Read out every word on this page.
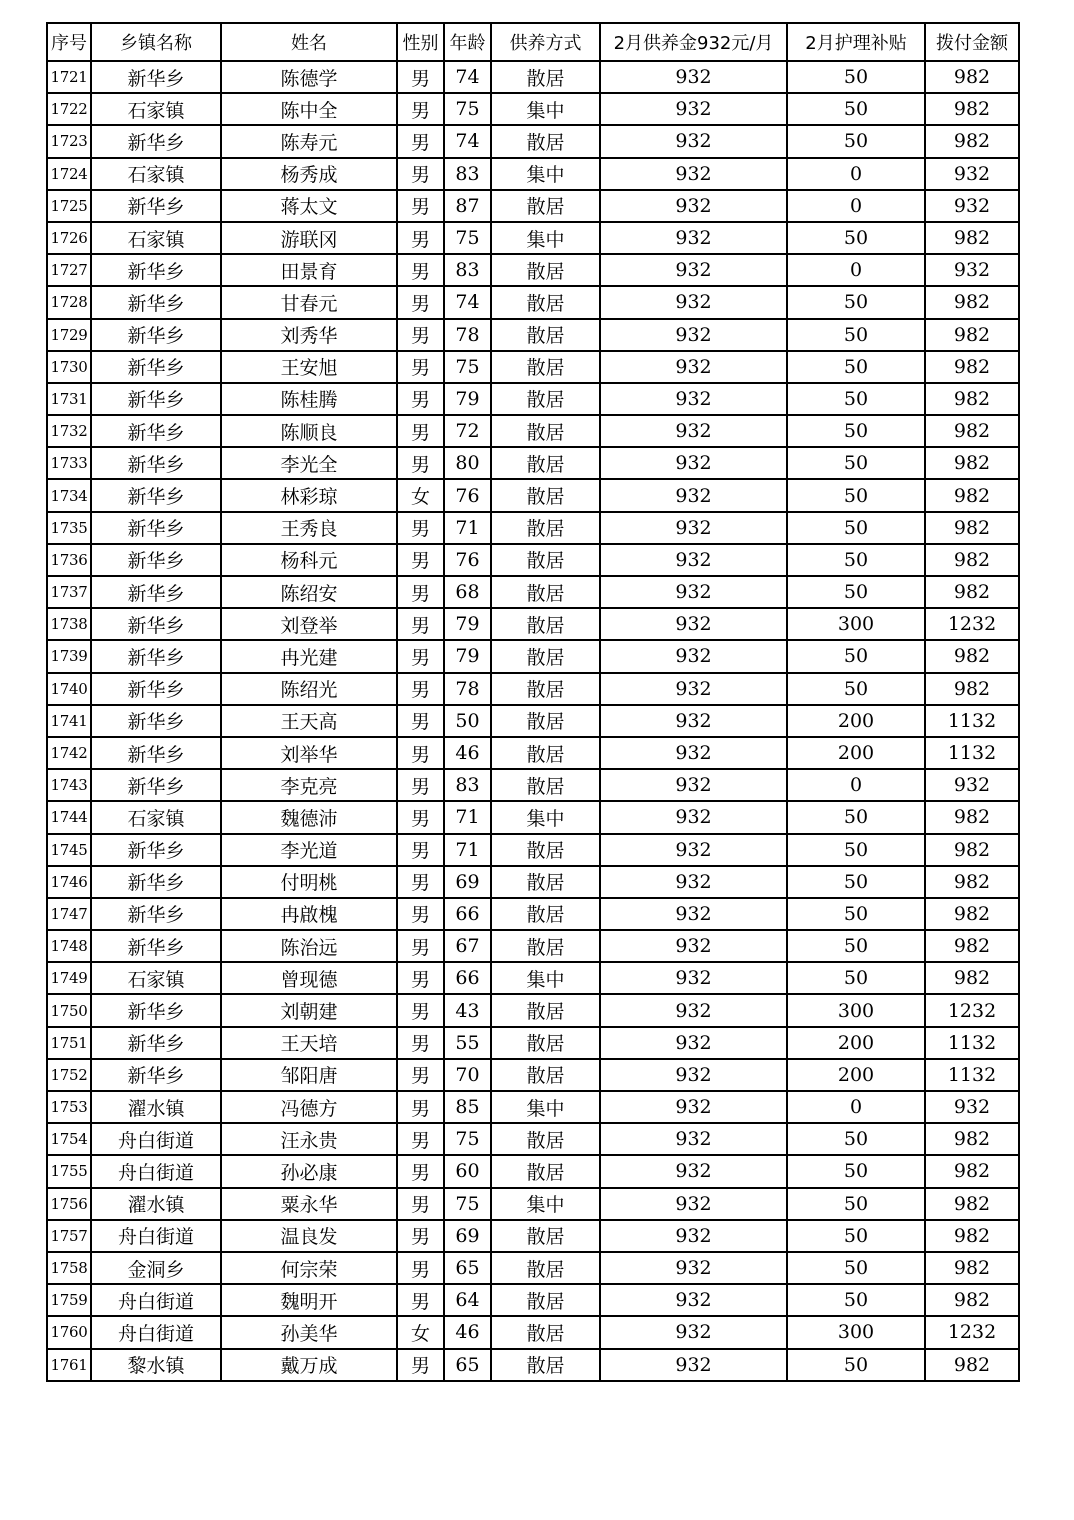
序号	乡镇名称	姓名	性别	年龄	供养方式	2月供养金932元/月	2月护理补贴	拨付金额
1721	新华乡	陈德学	男	74	散居	932	50	982
1722	石家镇	陈中全	男	75	集中	932	50	982
1723	新华乡	陈寿元	男	74	散居	932	50	982
1724	石家镇	杨秀成	男	83	集中	932	0	932
1725	新华乡	蒋太文	男	87	散居	932	0	932
1726	石家镇	游联冈	男	75	集中	932	50	982
1727	新华乡	田景育	男	83	散居	932	0	932
1728	新华乡	甘春元	男	74	散居	932	50	982
1729	新华乡	刘秀华	男	78	散居	932	50	982
1730	新华乡	王安旭	男	75	散居	932	50	982
1731	新华乡	陈桂腾	男	79	散居	932	50	982
1732	新华乡	陈顺良	男	72	散居	932	50	982
1733	新华乡	李光全	男	80	散居	932	50	982
1734	新华乡	林彩琼	女	76	散居	932	50	982
1735	新华乡	王秀良	男	71	散居	932	50	982
1736	新华乡	杨科元	男	76	散居	932	50	982
1737	新华乡	陈绍安	男	68	散居	932	50	982
1738	新华乡	刘登举	男	79	散居	932	300	1232
1739	新华乡	冉光建	男	79	散居	932	50	982
1740	新华乡	陈绍光	男	78	散居	932	50	982
1741	新华乡	王天高	男	50	散居	932	200	1132
1742	新华乡	刘举华	男	46	散居	932	200	1132
1743	新华乡	李克亮	男	83	散居	932	0	932
1744	石家镇	魏德沛	男	71	集中	932	50	982
1745	新华乡	李光道	男	71	散居	932	50	982
1746	新华乡	付明桃	男	69	散居	932	50	982
1747	新华乡	冉啟槐	男	66	散居	932	50	982
1748	新华乡	陈治远	男	67	散居	932	50	982
1749	石家镇	曾现德	男	66	集中	932	50	982
1750	新华乡	刘朝建	男	43	散居	932	300	1232
1751	新华乡	王天培	男	55	散居	932	200	1132
1752	新华乡	邹阳唐	男	70	散居	932	200	1132
1753	濯水镇	冯德方	男	85	集中	932	0	932
1754	舟白街道	汪永贵	男	75	散居	932	50	982
1755	舟白街道	孙必康	男	60	散居	932	50	982
1756	濯水镇	粟永华	男	75	集中	932	50	982
1757	舟白街道	温良发	男	69	散居	932	50	982
1758	金洞乡	何宗荣	男	65	散居	932	50	982
1759	舟白街道	魏明开	男	64	散居	932	50	982
1760	舟白街道	孙美华	女	46	散居	932	300	1232
1761	黎水镇	戴万成	男	65	散居	932	50	982
